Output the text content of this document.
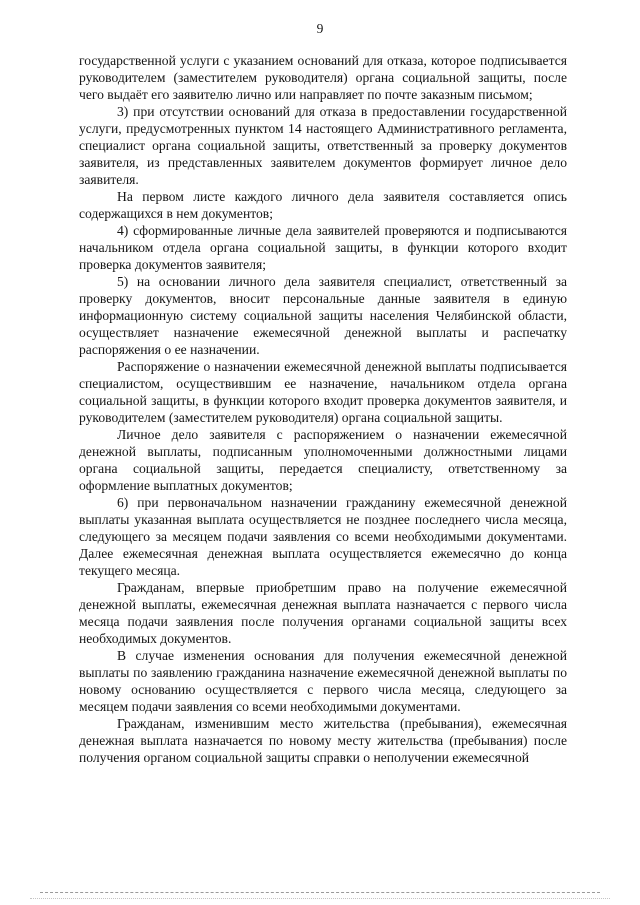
9

государственной услуги с указанием оснований для отказа, которое подписывается руководителем (заместителем руководителя) органа социальной защиты, после чего выдаёт его заявителю лично или направляет по почте заказным письмом;

3) при отсутствии оснований для отказа в предоставлении государственной услуги, предусмотренных пунктом 14 настоящего Административного регламента, специалист органа социальной защиты, ответственный за проверку документов заявителя, из представленных заявителем документов формирует личное дело заявителя.

На первом листе каждого личного дела заявителя составляется опись содержащихся в нем документов;

4) сформированные личные дела заявителей проверяются и подписываются начальником отдела органа социальной защиты, в функции которого входит проверка документов заявителя;

5) на основании личного дела заявителя специалист, ответственный за проверку документов, вносит персональные данные заявителя в единую информационную систему социальной защиты населения Челябинской области, осуществляет назначение ежемесячной денежной выплаты и распечатку распоряжения о ее назначении.

Распоряжение о назначении ежемесячной денежной выплаты подписывается специалистом, осуществившим ее назначение, начальником отдела органа социальной защиты, в функции которого входит проверка документов заявителя, и руководителем (заместителем руководителя) органа социальной защиты.

Личное дело заявителя с распоряжением о назначении ежемесячной денежной выплаты, подписанным уполномоченными должностными лицами органа социальной защиты, передается специалисту, ответственному за оформление выплатных документов;

6) при первоначальном назначении гражданину ежемесячной денежной выплаты указанная выплата осуществляется не позднее последнего числа месяца, следующего за месяцем подачи заявления со всеми необходимыми документами. Далее ежемесячная денежная выплата осуществляется ежемесячно до конца текущего месяца.

Гражданам, впервые приобретшим право на получение ежемесячной денежной выплаты, ежемесячная денежная выплата назначается с первого числа месяца подачи заявления после получения органами социальной защиты всех необходимых документов.

В случае изменения основания для получения ежемесячной денежной выплаты по заявлению гражданина назначение ежемесячной денежной выплаты по новому основанию осуществляется с первого числа месяца, следующего за месяцем подачи заявления со всеми необходимыми документами.

Гражданам, изменившим место жительства (пребывания), ежемесячная денежная выплата назначается по новому месту жительства (пребывания) после получения органом социальной защиты справки о неполучении ежемесячной
